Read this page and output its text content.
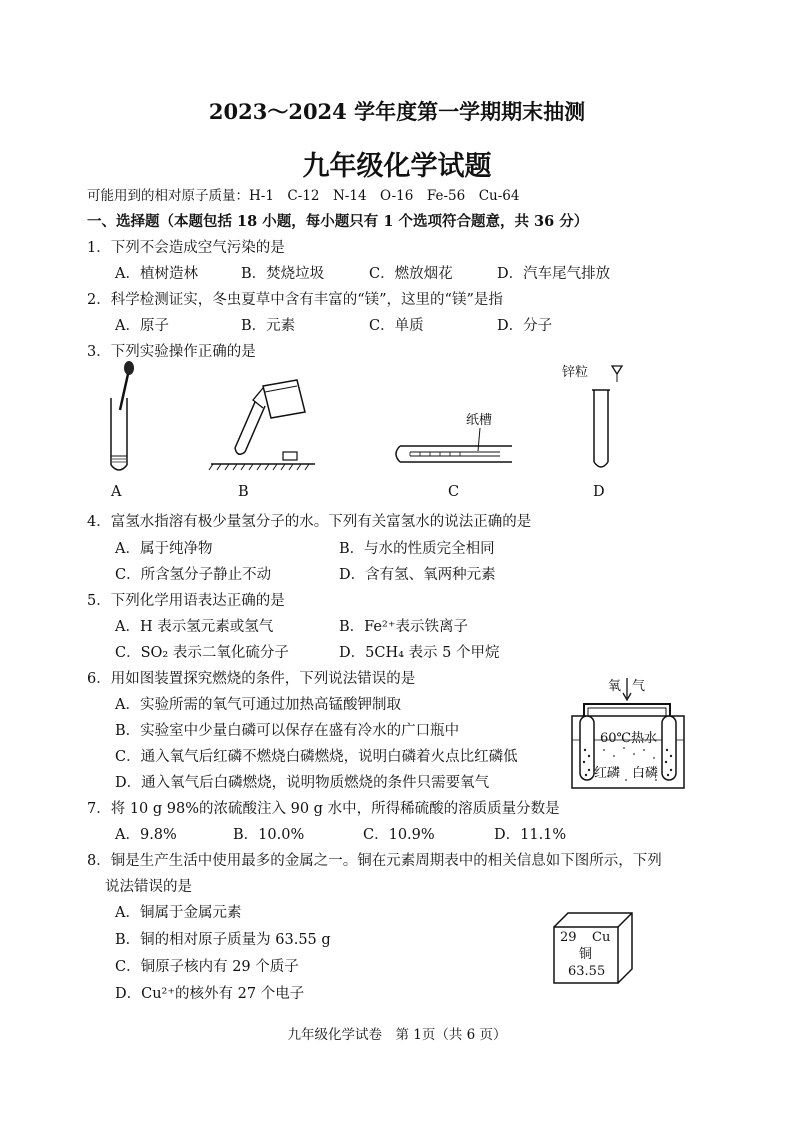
2023～2024 学年度第一学期期末抽测
九年级化学试题
可能用到的相对原子质量：H-1　C-12　N-14　O-16　Fe-56　Cu-64
一、选择题（本题包括 18 小题，每小题只有 1 个选项符合题意，共 36 分）
1．下列不会造成空气污染的是
A．植树造林	B．焚烧垃圾	C．燃放烟花	D．汽车尾气排放
2．科学检测证实，冬虫夏草中含有丰富的“镁”，这里的“镁”是指
A．原子	B．元素	C．单质	D．分子
3．下列实验操作正确的是
A	B
纸槽
C
锌粒
D
4．富氢水指溶有极少量氢分子的水。下列有关富氢水的说法正确的是
A．属于纯净物	B．与水的性质完全相同
C．所含氢分子静止不动	D．含有氢、氧两种元素
5．下列化学用语表达正确的是
A．H 表示氢元素或氢气	B．Fe²⁺表示铁离子
C．SO₂ 表示二氧化硫分子	D．5CH₄ 表示 5 个甲烷
6．用如图装置探究燃烧的条件，下列说法错误的是
A．实验所需的氧气可通过加热高锰酸钾制取
B．实验室中少量白磷可以保存在盛有冷水的广口瓶中
C．通入氧气后红磷不燃烧白磷燃烧，说明白磷着火点比红磷低
D．通入氧气后白磷燃烧，说明物质燃烧的条件只需要氧气
氧 气
60℃热水
红磷 白磷
7．将 10 g 98%的浓硫酸注入 90 g 水中，所得稀硫酸的溶质质量分数是
A．9.8%	B．10.0%	C．10.9%	D．11.1%
8．铜是生产生活中使用最多的金属之一。铜在元素周期表中的相关信息如下图所示，下列
说法错误的是
A．铜属于金属元素
B．铜的相对原子质量为 63.55 g
C．铜原子核内有 29 个质子
D．Cu²⁺的核外有 27 个电子
29 Cu
铜
63.55
九年级化学试卷　第 1页（共 6 页）
